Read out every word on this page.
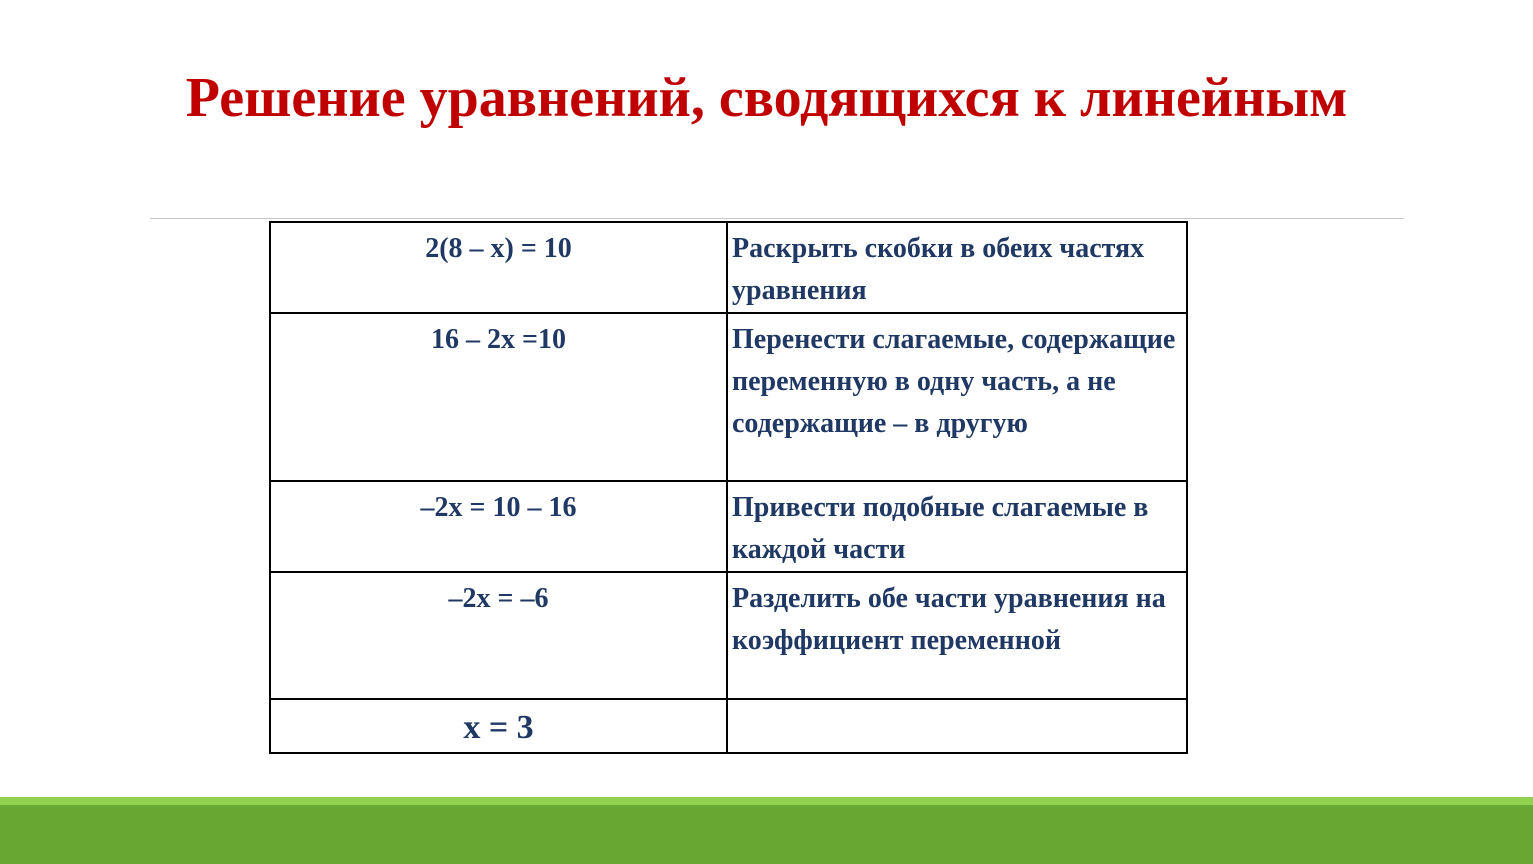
Решение уравнений, сводящихся к линейным
2(8 – x) = 10	Раскрыть скобки в обеих частях уравнения
16 – 2x =10	Перенести слагаемые, содержащие переменную в одну часть, а не содержащие – в другую
–2x = 10 – 16	Привести подобные слагаемые в каждой части
–2x = –6	Разделить обе части уравнения на коэффициент переменной
x = 3	
